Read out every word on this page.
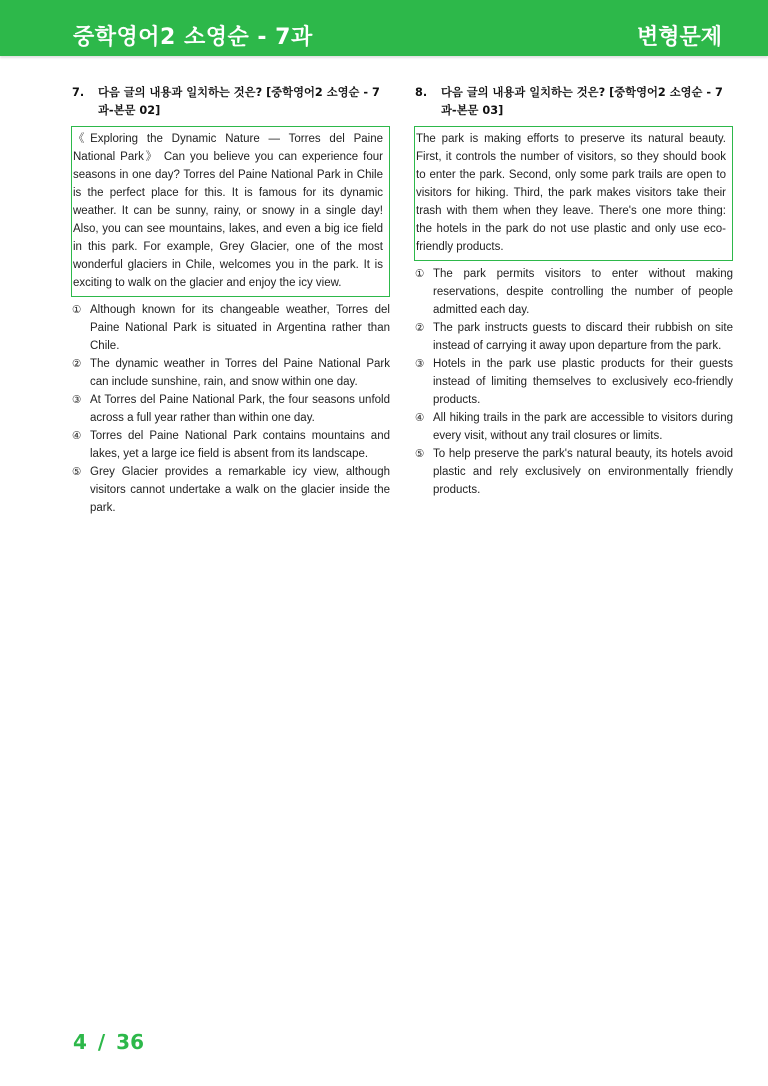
중학영어2 소영순 - 7과	변형문제
7. 다음 글의 내용과 일치하는 것은? [중학영어2 소영순 - 7과-본문 02]
《Exploring the Dynamic Nature — Torres del Paine National Park》 Can you believe you can experience four seasons in one day? Torres del Paine National Park in Chile is the perfect place for this. It is famous for its dynamic weather. It can be sunny, rainy, or snowy in a single day! Also, you can see mountains, lakes, and even a big ice field in this park. For example, Grey Glacier, one of the most wonderful glaciers in Chile, welcomes you in the park. It is exciting to walk on the glacier and enjoy the icy view.
① Although known for its changeable weather, Torres del Paine National Park is situated in Argentina rather than Chile.
② The dynamic weather in Torres del Paine National Park can include sunshine, rain, and snow within one day.
③ At Torres del Paine National Park, the four seasons unfold across a full year rather than within one day.
④ Torres del Paine National Park contains mountains and lakes, yet a large ice field is absent from its landscape.
⑤ Grey Glacier provides a remarkable icy view, although visitors cannot undertake a walk on the glacier inside the park.
8. 다음 글의 내용과 일치하는 것은? [중학영어2 소영순 - 7과-본문 03]
The park is making efforts to preserve its natural beauty. First, it controls the number of visitors, so they should book to enter the park. Second, only some park trails are open to visitors for hiking. Third, the park makes visitors take their trash with them when they leave. There's one more thing: the hotels in the park do not use plastic and only use eco-friendly products.
① The park permits visitors to enter without making reservations, despite controlling the number of people admitted each day.
② The park instructs guests to discard their rubbish on site instead of carrying it away upon departure from the park.
③ Hotels in the park use plastic products for their guests instead of limiting themselves to exclusively eco-friendly products.
④ All hiking trails in the park are accessible to visitors during every visit, without any trail closures or limits.
⑤ To help preserve the park's natural beauty, its hotels avoid plastic and rely exclusively on environmentally friendly products.
4 / 36
